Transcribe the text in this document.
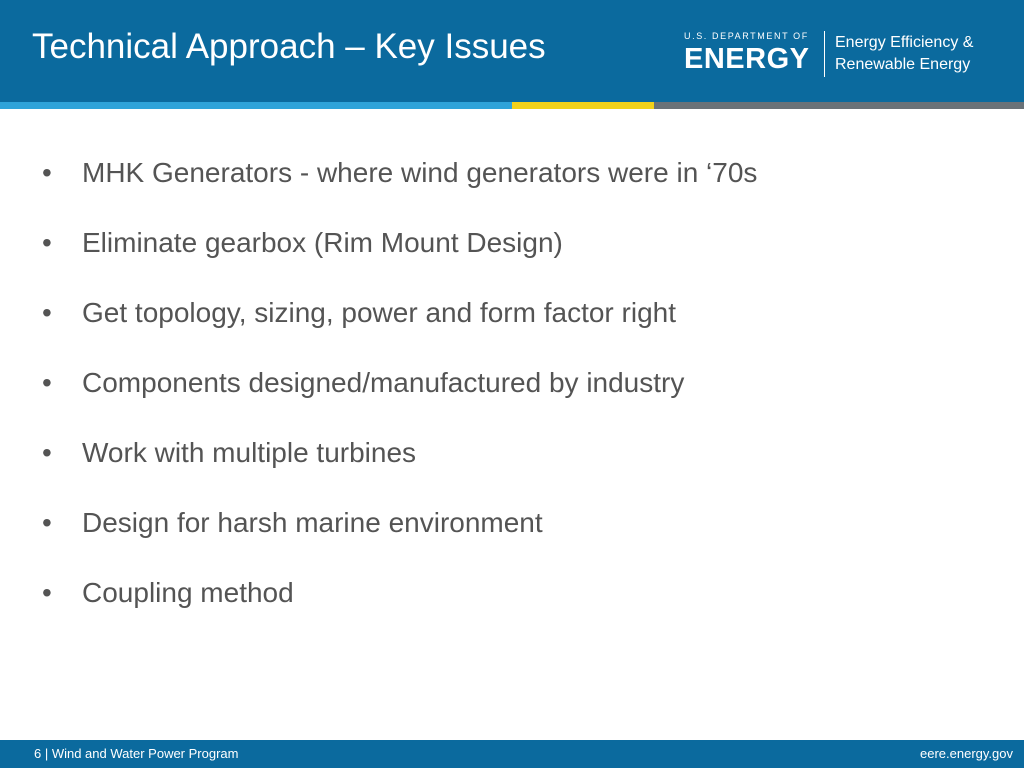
Technical Approach – Key Issues	U.S. DEPARTMENT OF
ENERGY
Energy Efficiency &
Renewable Energy
• MHK Generators - where wind generators were in ‘70s
• Eliminate gearbox (Rim Mount Design)
• Get topology, sizing, power and form factor right
• Components designed/manufactured by industry
• Work with multiple turbines
• Design for harsh marine environment
• Coupling method
6 | Wind and Water Power Program	eere.energy.gov
